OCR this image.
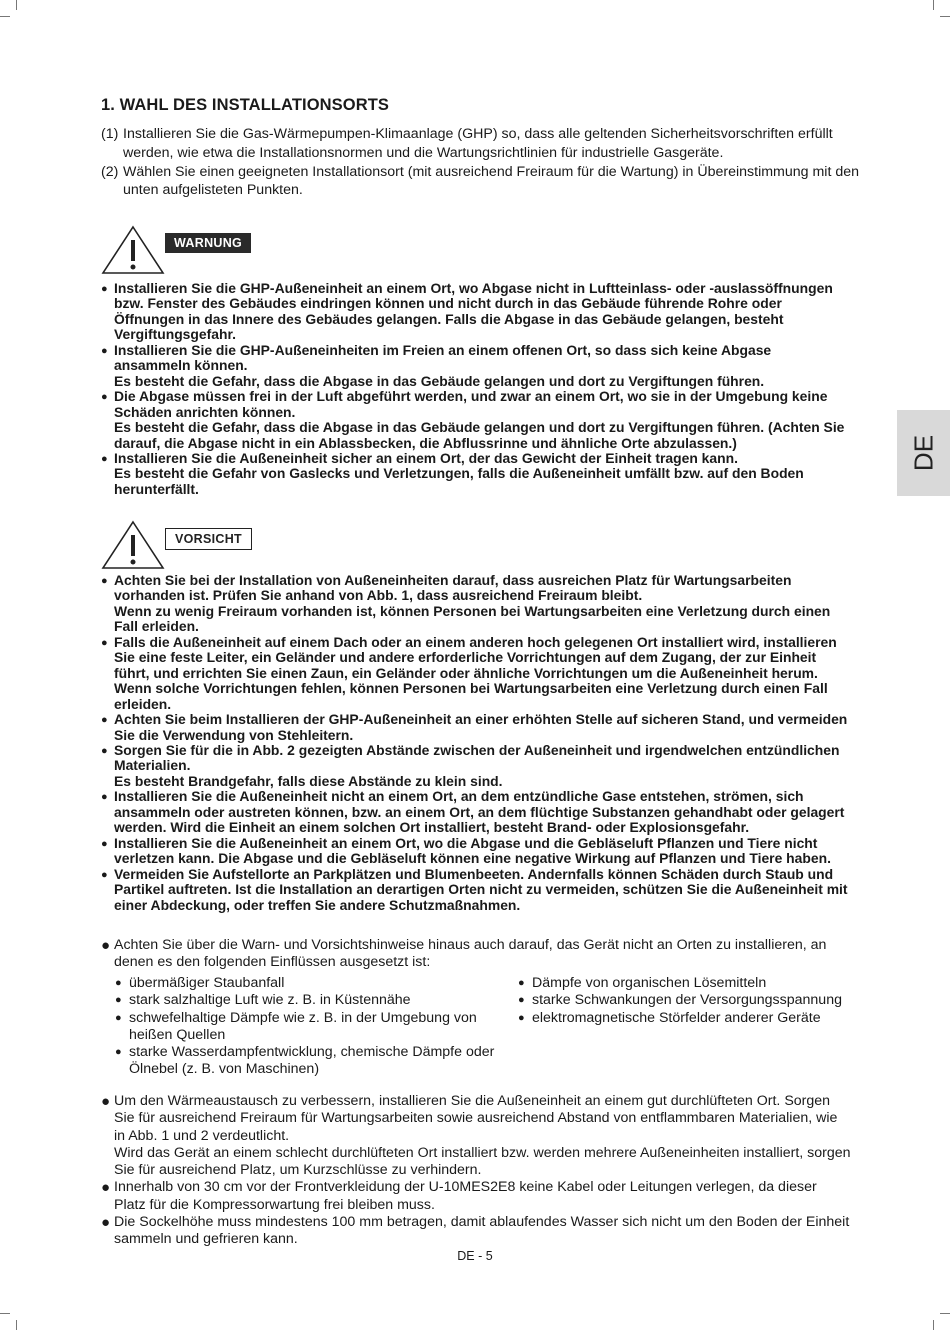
1. WAHL DES INSTALLATIONSORTS
(1) Installieren Sie die Gas-Wärmepumpen-Klimaanlage (GHP) so, dass alle geltenden Sicherheitsvorschriften erfüllt werden, wie etwa die Installationsnormen und die Wartungsrichtlinien für industrielle Gasgeräte.
(2) Wählen Sie einen geeigneten Installationsort (mit ausreichend Freiraum für die Wartung) in Übereinstimmung mit den unten aufgelisteten Punkten.
WARNUNG
● Installieren Sie die GHP-Außeneinheit an einem Ort, wo Abgase nicht in Luftteinlass- oder -auslassöffnungen bzw. Fenster des Gebäudes eindringen können und nicht durch in das Gebäude führende Rohre oder Öffnungen in das Innere des Gebäudes gelangen. Falls die Abgase in das Gebäude gelangen, besteht Vergiftungsgefahr.
● Installieren Sie die GHP-Außeneinheiten im Freien an einem offenen Ort, so dass sich keine Abgase ansammeln können.
Es besteht die Gefahr, dass die Abgase in das Gebäude gelangen und dort zu Vergiftungen führen.
● Die Abgase müssen frei in der Luft abgeführt werden, und zwar an einem Ort, wo sie in der Umgebung keine Schäden anrichten können.
Es besteht die Gefahr, dass die Abgase in das Gebäude gelangen und dort zu Vergiftungen führen. (Achten Sie darauf, die Abgase nicht in ein Ablassbecken, die Abflussrinne und ähnliche Orte abzulassen.)
● Installieren Sie die Außeneinheit sicher an einem Ort, der das Gewicht der Einheit tragen kann.
Es besteht die Gefahr von Gaslecks und Verletzungen, falls die Außeneinheit umfällt bzw. auf den Boden herunterfällt.
VORSICHT
● Achten Sie bei der Installation von Außeneinheiten darauf, dass ausreichen Platz für Wartungsarbeiten vorhanden ist. Prüfen Sie anhand von Abb. 1, dass ausreichend Freiraum bleibt.
Wenn zu wenig Freiraum vorhanden ist, können Personen bei Wartungsarbeiten eine Verletzung durch einen Fall erleiden.
● Falls die Außeneinheit auf einem Dach oder an einem anderen hoch gelegenen Ort installiert wird, installieren Sie eine feste Leiter, ein Geländer und andere erforderliche Vorrichtungen auf dem Zugang, der zur Einheit führt, und errichten Sie einen Zaun, ein Geländer oder ähnliche Vorrichtungen um die Außeneinheit herum. Wenn solche Vorrichtungen fehlen, können Personen bei Wartungsarbeiten eine Verletzung durch einen Fall erleiden.
● Achten Sie beim Installieren der GHP-Außeneinheit an einer erhöhten Stelle auf sicheren Stand, und vermeiden Sie die Verwendung von Stehleitern.
● Sorgen Sie für die in Abb. 2 gezeigten Abstände zwischen der Außeneinheit und irgendwelchen entzündlichen Materialien.
Es besteht Brandgefahr, falls diese Abstände zu klein sind.
● Installieren Sie die Außeneinheit nicht an einem Ort, an dem entzündliche Gase entstehen, strömen, sich ansammeln oder austreten können, bzw. an einem Ort, an dem flüchtige Substanzen gehandhabt oder gelagert werden. Wird die Einheit an einem solchen Ort installiert, besteht Brand- oder Explosionsgefahr.
● Installieren Sie die Außeneinheit an einem Ort, wo die Abgase und die Gebläseluft Pflanzen und Tiere nicht verletzen kann. Die Abgase und die Gebläseluft können eine negative Wirkung auf Pflanzen und Tiere haben.
● Vermeiden Sie Aufstellorte an Parkplätzen und Blumenbeeten. Andernfalls können Schäden durch Staub und Partikel auftreten. Ist die Installation an derartigen Orten nicht zu vermeiden, schützen Sie die Außeneinheit mit einer Abdeckung, oder treffen Sie andere Schutzmaßnahmen.
● Achten Sie über die Warn- und Vorsichtshinweise hinaus auch darauf, das Gerät nicht an Orten zu installieren, an denen es den folgenden Einflüssen ausgesetzt ist:
● übermäßiger Staubanfall
● stark salzhaltige Luft wie z. B. in Küstennähe
● schwefelhaltige Dämpfe wie z. B. in der Umgebung von heißen Quellen
● starke Wasserdampfentwicklung, chemische Dämpfe oder Ölnebel (z. B. von Maschinen)
● Dämpfe von organischen Lösemitteln
● starke Schwankungen der Versorgungsspannung
● elektromagnetische Störfelder anderer Geräte
● Um den Wärmeaustausch zu verbessern, installieren Sie die Außeneinheit an einem gut durchlüfteten Ort. Sorgen Sie für ausreichend Freiraum für Wartungsarbeiten sowie ausreichend Abstand von entflammbaren Materialien, wie in Abb. 1 und 2 verdeutlicht.
Wird das Gerät an einem schlecht durchlüfteten Ort installiert bzw. werden mehrere Außeneinheiten installiert, sorgen Sie für ausreichend Platz, um Kurzschlüsse zu verhindern.
● Innerhalb von 30 cm vor der Frontverkleidung der U-10MES2E8 keine Kabel oder Leitungen verlegen, da dieser Platz für die Kompressorwartung frei bleiben muss.
● Die Sockelhöhe muss mindestens 100 mm betragen, damit ablaufendes Wasser sich nicht um den Boden der Einheit sammeln und gefrieren kann.
DE
DE - 5
